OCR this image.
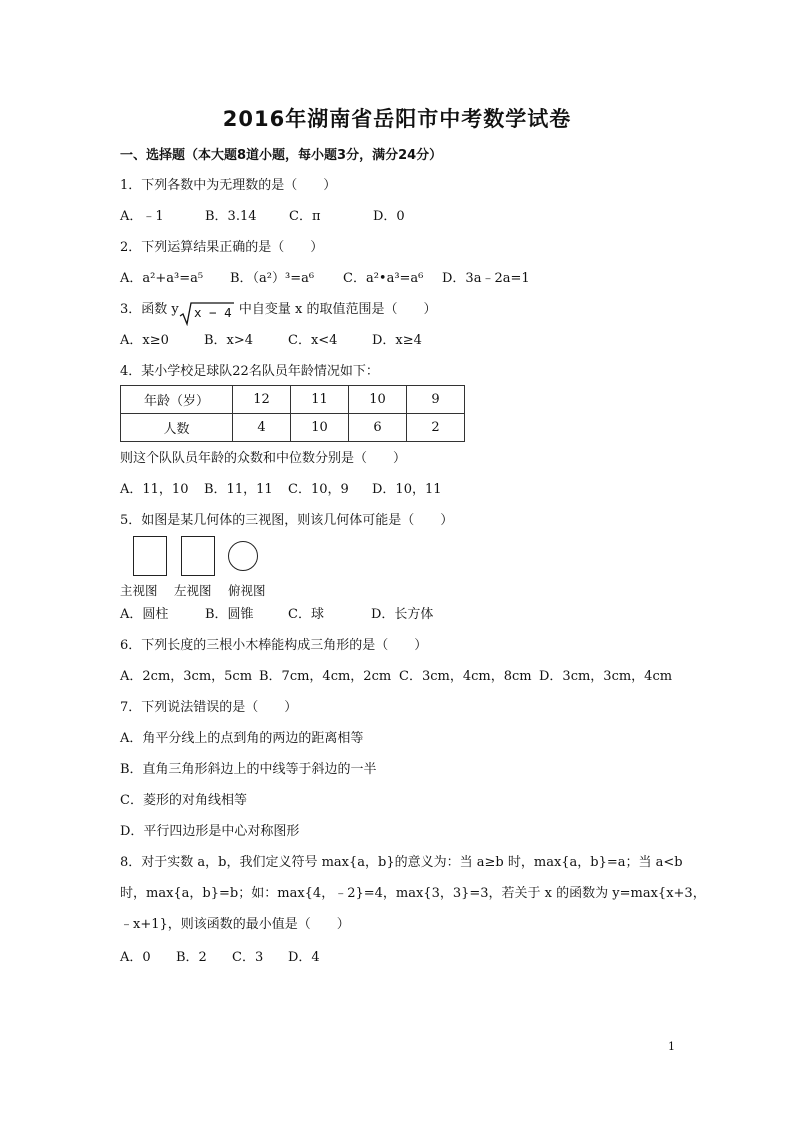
2016年湖南省岳阳市中考数学试卷
一、选择题（本大题8道小题，每小题3分，满分24分）
1．下列各数中为无理数的是（　　）
A．﹣1	B．3.14	C．π	D．0
2．下列运算结果正确的是（　　）
A．a²+a³=a⁵ B．（a²）³=a⁶ C．a²•a³=a⁶ D．3a﹣2a=1
3．函数 y x − 4 中自变量 x 的取值范围是（　　）
A．x≥0	B．x>4	C．x<4	D．x≥4
4．某小学校足球队22名队员年龄情况如下：
年龄（岁）	12	11	10	9
人数	4	10	6	2
则这个队队员年龄的众数和中位数分别是（　　）
A．11，10 B．11，11 C．10，9 D．10，11
5．如图是某几何体的三视图，则该几何体可能是（　　）
主视图 左视图 俯视图
A．圆柱	B．圆锥	C．球	D．长方体
6．下列长度的三根小木棒能构成三角形的是（　　）
A．2cm，3cm，5cm B．7cm，4cm，2cm C．3cm，4cm，8cm D．3cm，3cm，4cm
7．下列说法错误的是（　　）
A．角平分线上的点到角的两边的距离相等
B．直角三角形斜边上的中线等于斜边的一半
C．菱形的对角线相等
D．平行四边形是中心对称图形
8．对于实数 a，b，我们定义符号 max{a，b}的意义为：当 a≥b 时，max{a，b}=a；当 a<b
时，max{a，b}=b；如：max{4，﹣2}=4，max{3，3}=3，若关于 x 的函数为 y=max{x+3，
﹣x+1}，则该函数的最小值是（　　）
A．0 B．2 C．3 D．4
1
